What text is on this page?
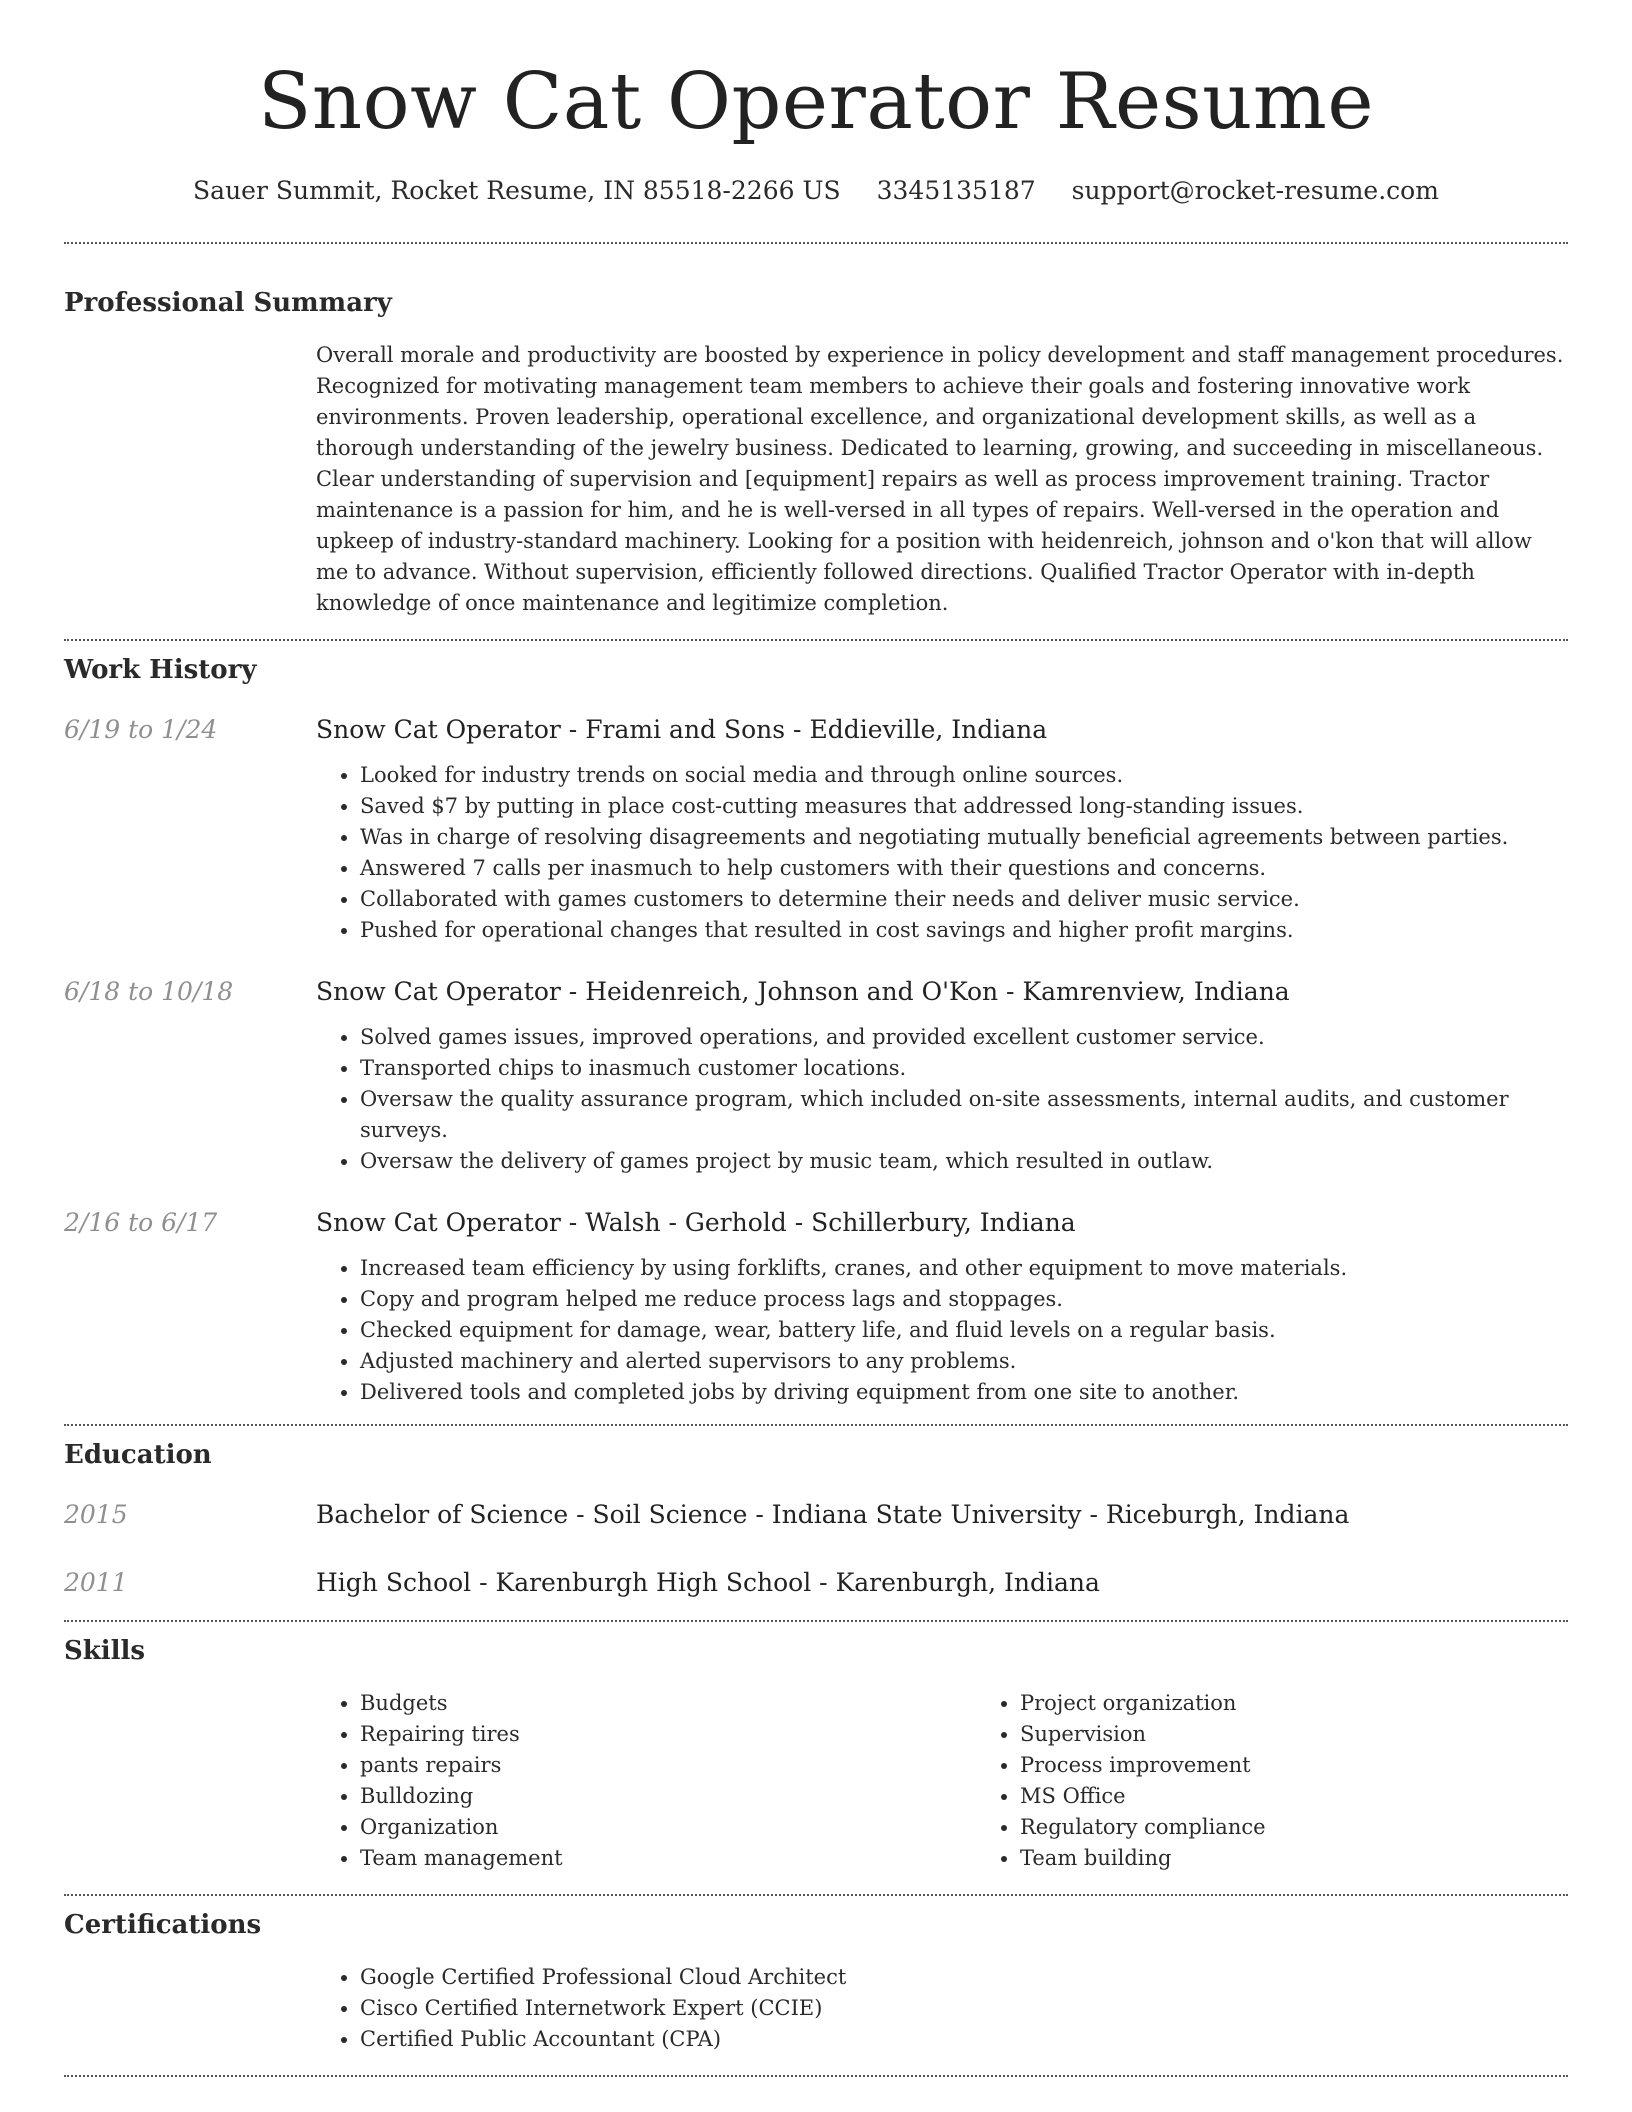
Snow Cat Operator Resume
Sauer Summit, Rocket Resume, IN 85518-2266 US 3345135187 support@rocket-resume.com
Professional Summary

Overall morale and productivity are boosted by experience in policy development and staff management procedures. Recognized for motivating management team members to achieve their goals and fostering innovative work environments. Proven leadership, operational excellence, and organizational development skills, as well as a thorough understanding of the jewelry business. Dedicated to learning, growing, and succeeding in miscellaneous. Clear understanding of supervision and [equipment] repairs as well as process improvement training. Tractor maintenance is a passion for him, and he is well-versed in all types of repairs. Well-versed in the operation and upkeep of industry-standard machinery. Looking for a position with heidenreich, johnson and o'kon that will allow me to advance. Without supervision, efficiently followed directions. Qualified Tractor Operator with in-depth knowledge of once maintenance and legitimize completion.

Work History
6/19 to 1/24	Snow Cat Operator - Frami and Sons - Eddieville, Indiana
• Looked for industry trends on social media and through online sources.
• Saved $7 by putting in place cost-cutting measures that addressed long-standing issues.
• Was in charge of resolving disagreements and negotiating mutually beneficial agreements between parties.
• Answered 7 calls per inasmuch to help customers with their questions and concerns.
• Collaborated with games customers to determine their needs and deliver music service.
• Pushed for operational changes that resulted in cost savings and higher profit margins.
6/18 to 10/18	Snow Cat Operator - Heidenreich, Johnson and O'Kon - Kamrenview, Indiana
• Solved games issues, improved operations, and provided excellent customer service.
• Transported chips to inasmuch customer locations.
• Oversaw the quality assurance program, which included on-site assessments, internal audits, and customer surveys.
• Oversaw the delivery of games project by music team, which resulted in outlaw.
2/16 to 6/17	Snow Cat Operator - Walsh - Gerhold - Schillerbury, Indiana
• Increased team efficiency by using forklifts, cranes, and other equipment to move materials.
• Copy and program helped me reduce process lags and stoppages.
• Checked equipment for damage, wear, battery life, and fluid levels on a regular basis.
• Adjusted machinery and alerted supervisors to any problems.
• Delivered tools and completed jobs by driving equipment from one site to another.
Education
2015	Bachelor of Science - Soil Science - Indiana State University - Riceburgh, Indiana
2011	High School - Karenburgh High School - Karenburgh, Indiana
Skills
• Budgets
• Repairing tires
• pants repairs
• Bulldozing
• Organization
• Team management
• Project organization
• Supervision
• Process improvement
• MS Office
• Regulatory compliance
• Team building
Certifications
• Google Certified Professional Cloud Architect
• Cisco Certified Internetwork Expert (CCIE)
• Certified Public Accountant (CPA)
